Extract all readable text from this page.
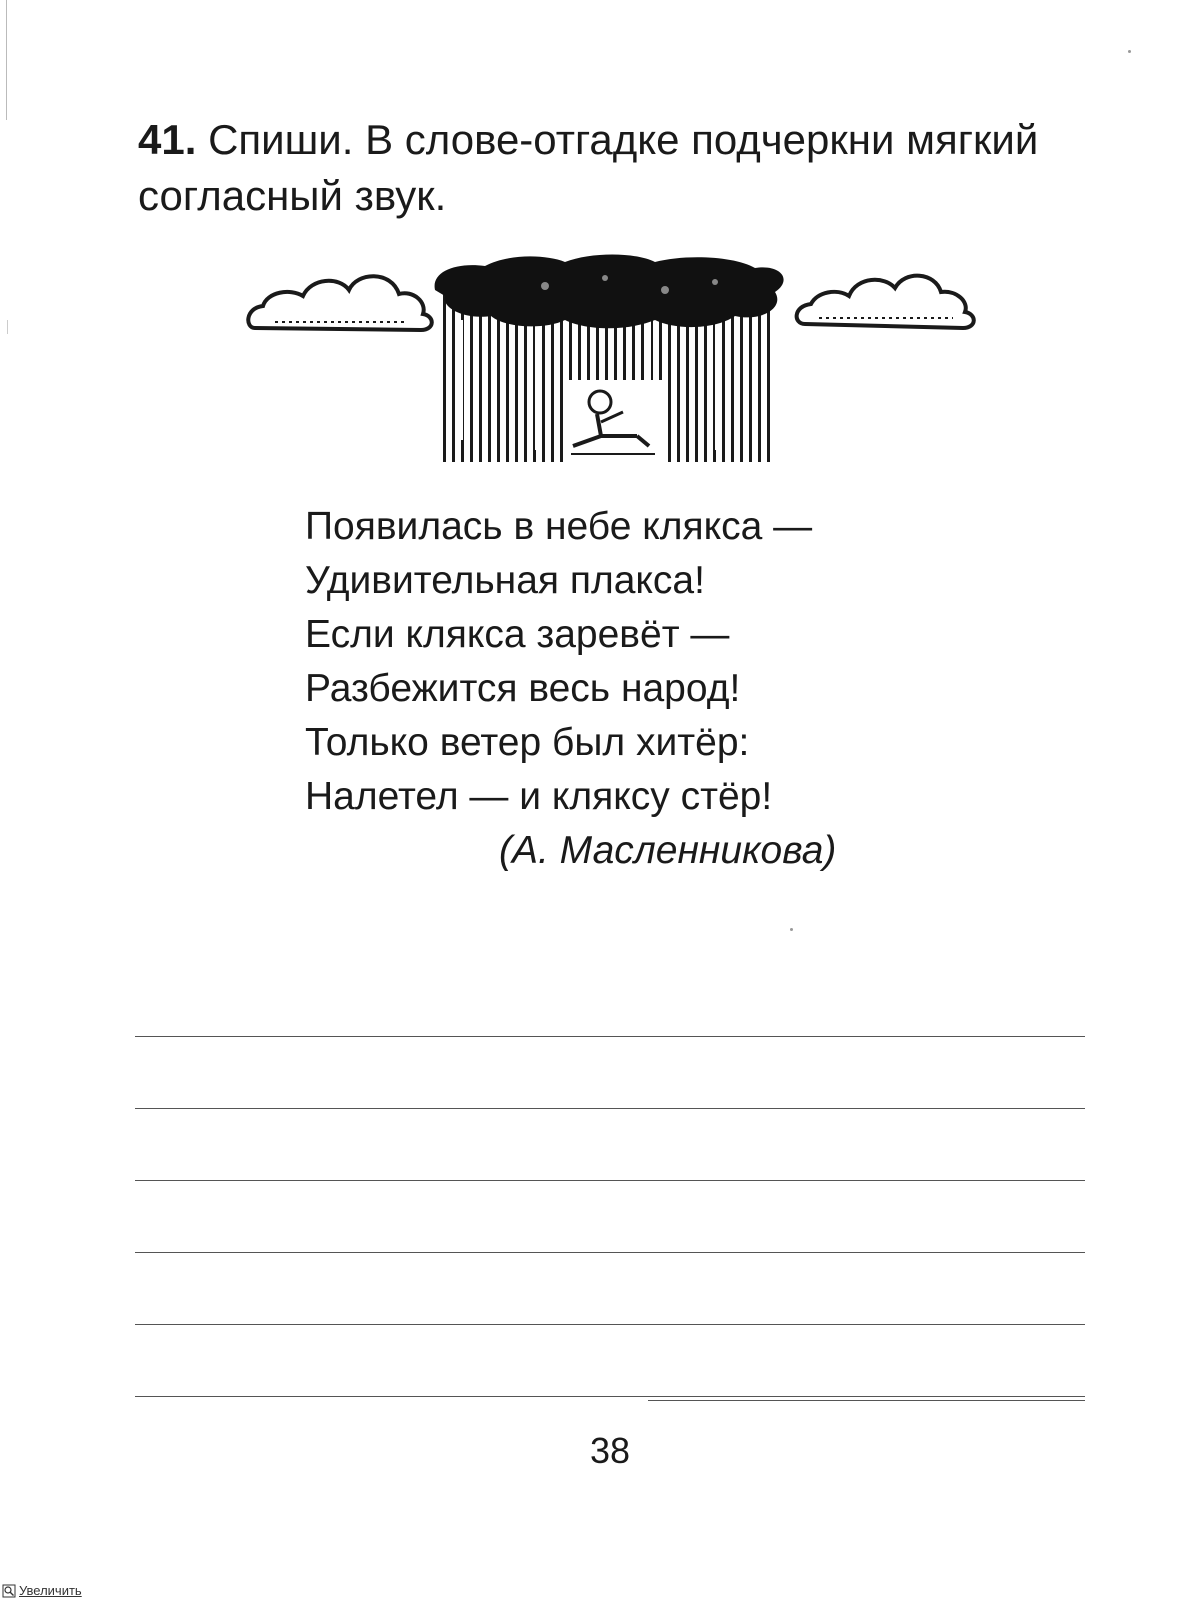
41. Спиши. В слове-отгадке подчеркни мягкий согласный звук.
Появилась в небе клякса —
Удивительная плакса!
Если клякса заревёт —
Разбежится весь народ!
Только ветер был хитёр:
Налетел — и кляксу стёр!
(А. Масленникова)
38
Увеличить
